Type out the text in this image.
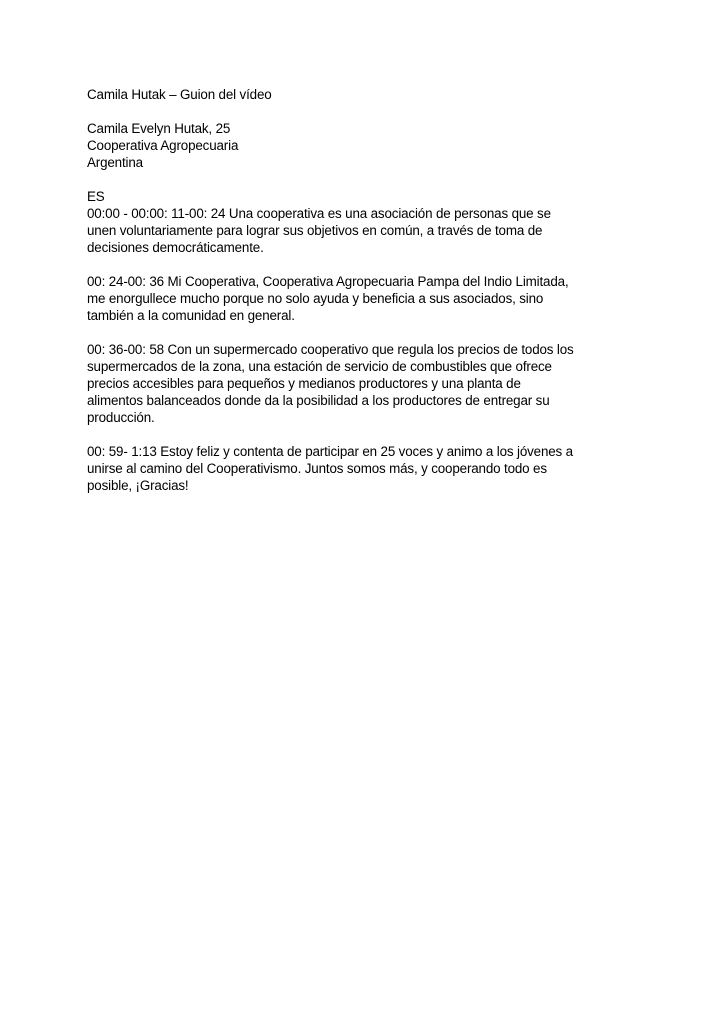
Camila Hutak – Guion del vídeo

Camila Evelyn Hutak, 25
Cooperativa Agropecuaria
Argentina

ES
00:00 - 00:00: 11-00: 24 Una cooperativa es una asociación de personas que se
unen voluntariamente para lograr sus objetivos en común, a través de toma de
decisiones democráticamente.

00: 24-00: 36 Mi Cooperativa, Cooperativa Agropecuaria Pampa del Indio Limitada,
me enorgullece mucho porque no solo ayuda y beneficia a sus asociados, sino
también a la comunidad en general.

00: 36-00: 58 Con un supermercado cooperativo que regula los precios de todos los
supermercados de la zona, una estación de servicio de combustibles que ofrece
precios accesibles para pequeños y medianos productores y una planta de
alimentos balanceados donde da la posibilidad a los productores de entregar su
producción.

00: 59- 1:13 Estoy feliz y contenta de participar en 25 voces y animo a los jóvenes a
unirse al camino del Cooperativismo. Juntos somos más, y cooperando todo es
posible, ¡Gracias!
